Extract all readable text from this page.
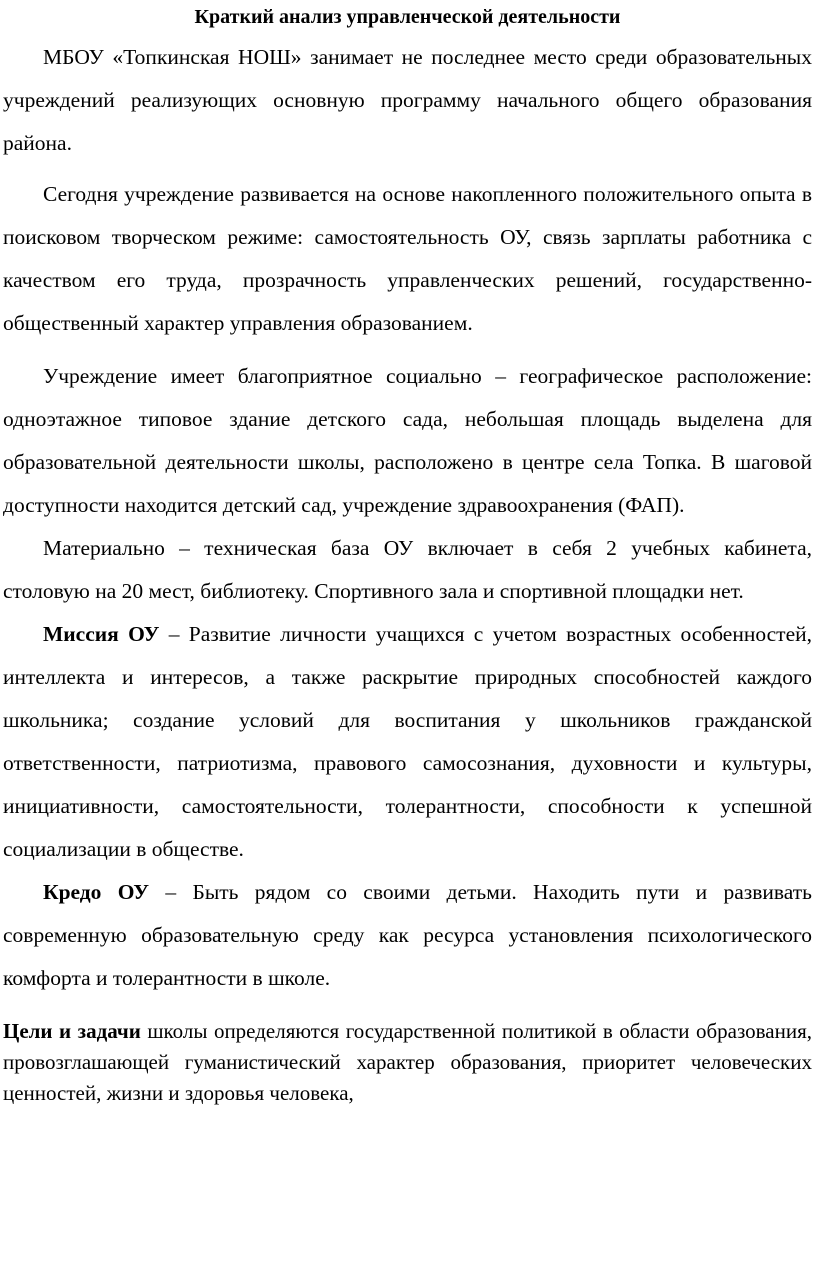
Краткий анализ управленческой деятельности

МБОУ «Топкинская НОШ» занимает не последнее место среди образовательных учреждений реализующих основную программу начального общего образования района.

Сегодня учреждение развивается на основе накопленного положительного опыта в поисковом творческом режиме: самостоятельность ОУ, связь зарплаты работника с качеством его труда, прозрачность управленческих решений, государственно-общественный характер управления образованием.

Учреждение имеет благоприятное социально – географическое расположение: одноэтажное типовое здание детского сада, небольшая площадь выделена для образовательной деятельности школы, расположено в центре села Топка. В шаговой доступности находится детский сад, учреждение здравоохранения (ФАП).

Материально – техническая база ОУ включает в себя 2 учебных кабинета, столовую на 20 мест, библиотеку. Спортивного зала и спортивной площадки нет.

Миссия ОУ – Развитие личности учащихся с учетом возрастных особенностей, интеллекта и интересов, а также раскрытие природных способностей каждого школьника; создание условий для воспитания у школьников гражданской ответственности, патриотизма, правового самосознания, духовности и культуры, инициативности, самостоятельности, толерантности, способности к успешной социализации в обществе.

Кредо ОУ – Быть рядом со своими детьми. Находить пути и развивать современную образовательную среду как ресурса установления психологического комфорта и толерантности в школе.

Цели и задачи школы определяются государственной политикой в области образования, провозглашающей гуманистический характер образования, приоритет человеческих ценностей, жизни и здоровья человека,
